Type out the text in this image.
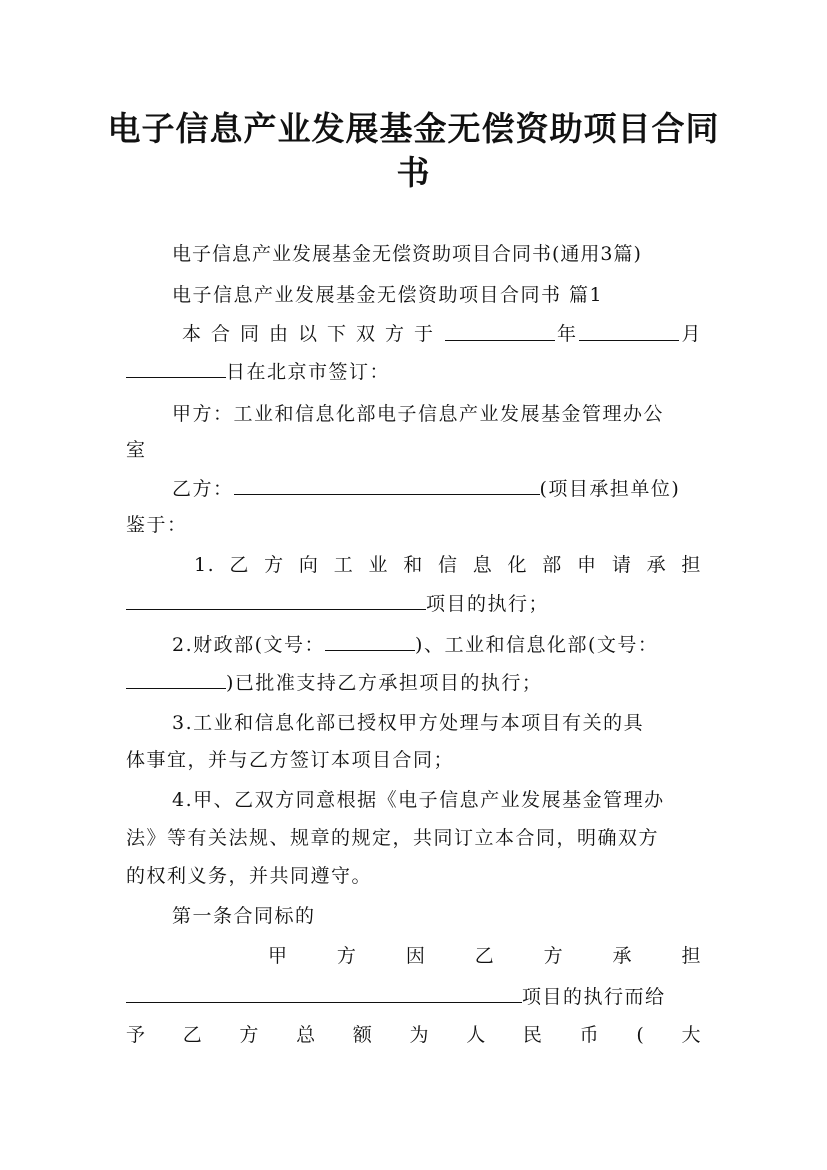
电子信息产业发展基金无偿资助项目合同
书
电子信息产业发展基金无偿资助项目合同书(通用3篇)
电子信息产业发展基金无偿资助项目合同书 篇1
本合同由以下双方于	年	月
日在北京市签订：
甲方：工业和信息化部电子信息产业发展基金管理办公
室
乙方：	(项目承担单位)
鉴于：
1. 乙 方 向 工 业 和 信 息 化 部 申 请 承 担
项目的执行；
2.财政部(文号：	)、工业和信息化部(文号：
)已批准支持乙方承担项目的执行；
3.工业和信息化部已授权甲方处理与本项目有关的具
体事宜，并与乙方签订本项目合同；
4.甲、乙双方同意根据《电子信息产业发展基金管理办
法》等有关法规、规章的规定，共同订立本合同，明确双方
的权利义务，并共同遵守。
第一条合同标的
甲	方	因	乙	方	承	担
项目的执行而给
予 乙 方 总 额 为 人 民 币 ( 大
